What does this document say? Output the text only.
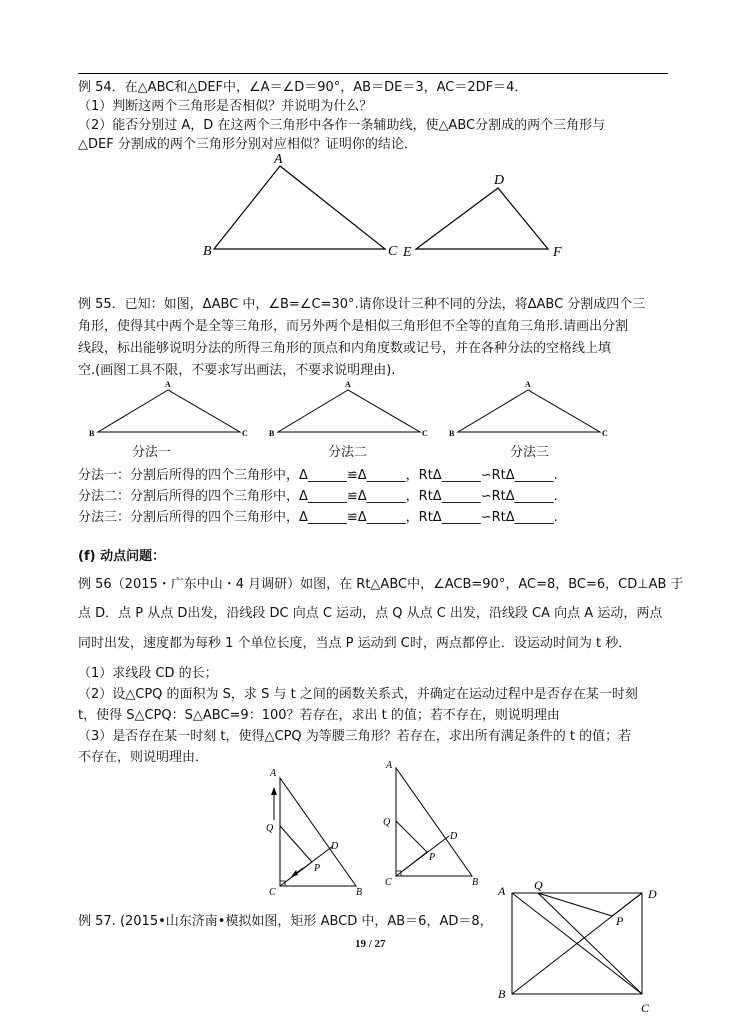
例 54．在△ABC和△DEF中，∠A＝∠D＝90°，AB＝DE＝3，AC＝2DF＝4．
（1）判断这两个三角形是否相似？并说明为什么？
（2）能否分别过 A，D 在这两个三角形中各作一条辅助线，使△ABC分割成的两个三角形与
△DEF 分割成的两个三角形分别对应相似？证明你的结论．
A
B	C
D
E	F
例 55．已知：如图，ΔABC 中，∠B=∠C=30°.请你设计三种不同的分法，将ΔABC 分割成四个三
角形，使得其中两个是全等三角形，而另外两个是相似三角形但不全等的直角三角形.请画出分割
线段，标出能够说明分法的所得三角形的顶点和内角度数或记号，并在各种分法的空格线上填
空.(画图工具不限，不要求写出画法，不要求说明理由).
A
B	C
A
B	C
A
B	C
分法一	分法二	分法三
分法一：分割后所得的四个三角形中，Δ______≌Δ______，RtΔ______∽RtΔ______.
分法二：分割后所得的四个三角形中，Δ______≌Δ______，RtΔ______∽RtΔ______.
分法三：分割后所得的四个三角形中，Δ______≌Δ______，RtΔ______∽RtΔ______.
(f) 动点问题：
例 56（2015・广东中山・4 月调研）如图，在 Rt△ABC中，∠ACB=90°，AC=8，BC=6，CD⊥AB 于
点 D．点 P 从点 D出发，沿线段 DC 向点 C 运动，点 Q 从点 C 出发，沿线段 CA 向点 A 运动，两点
同时出发，速度都为每秒 1 个单位长度，当点 P 运动到 C时，两点都停止．设运动时间为 t 秒．
（1）求线段 CD 的长；
（2）设△CPQ 的面积为 S，求 S 与 t 之间的函数关系式，并确定在运动过程中是否存在某一时刻
t，使得 S△CPQ：S△ABC=9：100？若存在，求出 t 的值；若不存在，则说明理由
（3）是否存在某一时刻 t，使得△CPQ 为等腰三角形？若存在，求出所有满足条件的 t 的值；若
不存在，则说明理由．
A
Q
D
P
C	B
A
Q
D
P
C	B
A Q
D
P
B
C
例 57. (2015•山东济南•模拟如图，矩形 ABCD 中，AB＝6，AD＝8，
19 / 27
